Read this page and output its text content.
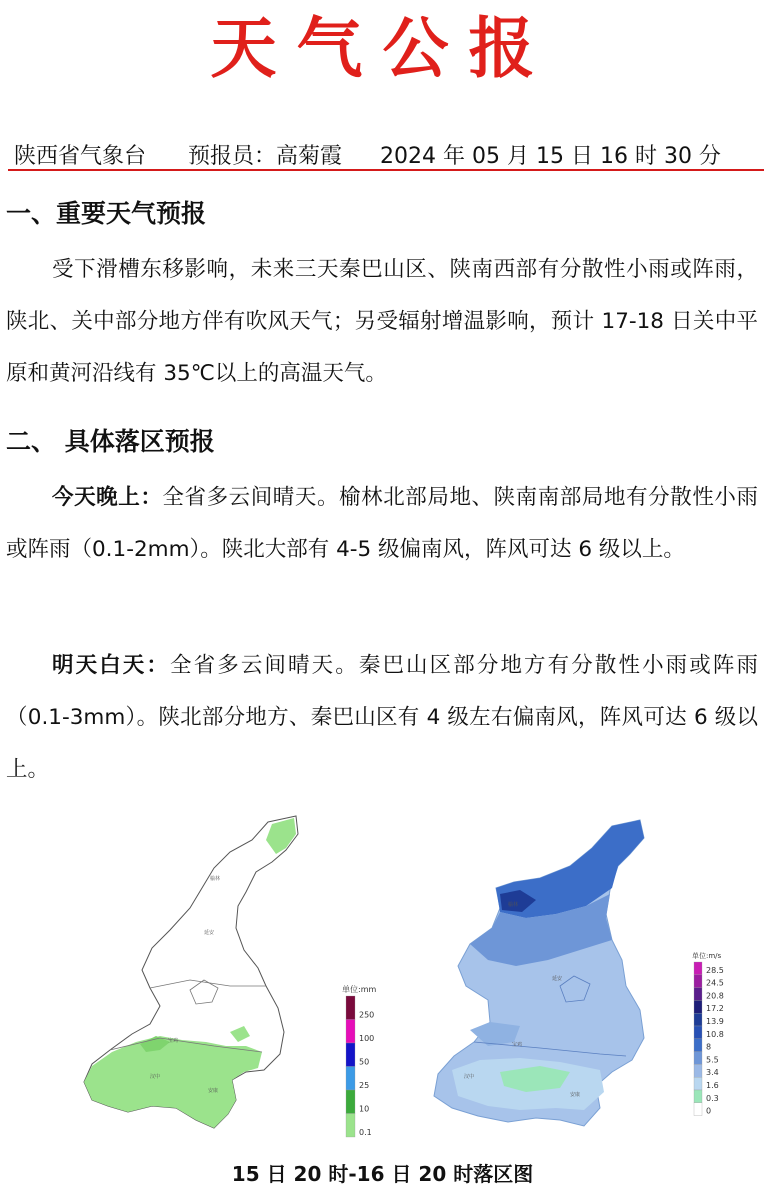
天气公报
陕西省气象台 预报员：高菊霞 2024 年 05 月 15 日 16 时 30 分
一、重要天气预报
受下滑槽东移影响，未来三天秦巴山区、陕南西部有分散性小雨或阵雨，陕北、关中部分地方伴有吹风天气；另受辐射增温影响，预计 17-18 日关中平原和黄河沿线有 35℃以上的高温天气。
二、 具体落区预报
今天晚上：全省多云间晴天。榆林北部局地、陕南南部局地有分散性小雨或阵雨（0.1-2mm）。陕北大部有 4-5 级偏南风，阵风可达 6 级以上。
明天白天：全省多云间晴天。秦巴山区部分地方有分散性小雨或阵雨（0.1-3mm）。陕北部分地方、秦巴山区有 4 级左右偏南风，阵风可达 6 级以上。
榆林
延安
宝鸡
汉中
安康
单位:mm
250
100
50
25
10
0.1
榆林
延安
宝鸡
汉中
安康
单位:m/s
28.5
24.5
20.8
17.2
13.9
10.8
8
5.5
3.4
1.6
0.3
0
15 日 20 时-16 日 20 时落区图
